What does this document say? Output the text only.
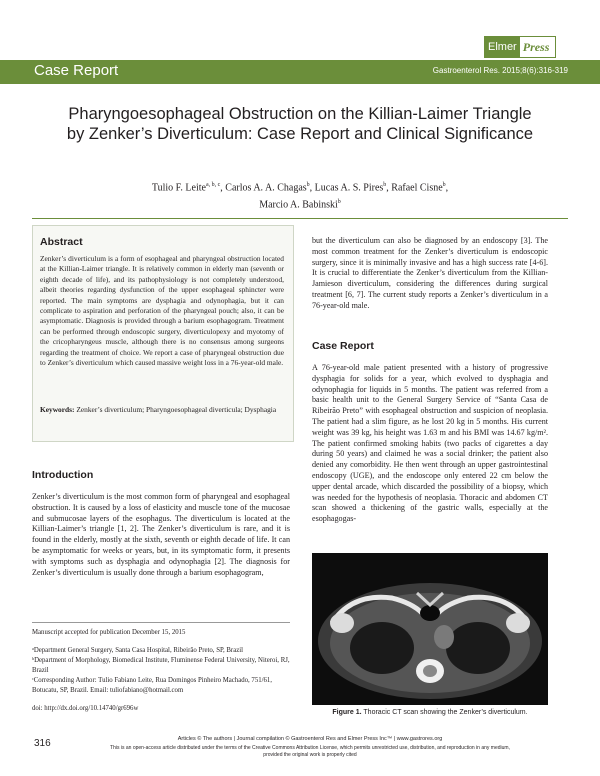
Elmer Press
Case Report	Gastroenterol Res. 2015;8(6):316-319
Pharyngoesophageal Obstruction on the Killian-Laimer Triangle by Zenker’s Diverticulum: Case Report and Clinical Significance
Tulio F. Leite$^{a, b, c}$, Carlos A. A. Chagas$^b$, Lucas A. S. Pires$^b$, Rafael Cisne$^b$,
Marcio A. Babinski$^b$
Abstract
Zenker’s diverticulum is a form of esophageal and pharyngeal obstruction located at the Killian-Laimer triangle. It is relatively common in elderly man (seventh or eighth decade of life), and its pathophysiology is not completely understood, albeit theories regarding dysfunction of the upper esophageal sphincter were reported. The main symptoms are dysphagia and odynophagia, but it can complicate to aspiration and perforation of the pharyngeal pouch; also, it can be asymptomatic. Diagnosis is provided through a barium esophagogram. Treatment can be performed through endoscopic surgery, diverticulopexy and myotomy of the cricopharyngeus muscle, although there is no consensus among surgeons regarding the treatment of choice. We report a case of pharyngeal obstruction due to Zenker’s diverticulum which caused massive weight loss in a 76-year-old male.
Keywords: Zenker’s diverticulum; Pharyngoesophageal diverticula; Dysphagia
Introduction
Zenker’s diverticulum is the most common form of pharyngeal and esophageal obstruction. It is caused by a loss of elasticity and muscle tone of the mucosae and submucosae layers of the esophagus. The diverticulum is located at the Killian-Laimer’s triangle [1, 2]. The Zenker’s diverticulum is rare, and it is found in the elderly, mostly at the sixth, seventh or eighth decade of life. It can be asymptomatic for weeks or years, but, in its symptomatic form, it presents with symptoms such as dysphagia and odynophagia [2]. The diagnosis for Zenker’s diverticulum is usually done through a barium esophagogram,
Manuscript accepted for publication December 15, 2015
ᵃDepartment General Surgery, Santa Casa Hospital, Ribeirão Preto, SP, Brazil
ᵇDepartment of Morphology, Biomedical Institute, Fluminense Federal University, Niteroi, RJ, Brazil
ᶜCorresponding Author: Tulio Fabiano Leite, Rua Domingos Pinheiro Machado, 751/61, Botucatu, SP, Brazil. Email: tuliofabiano@hotmail.com
doi: http://dx.doi.org/10.14740/gr696w
but the diverticulum can also be diagnosed by an endoscopy [3]. The most common treatment for the Zenker’s diverticulum is endoscopic surgery, since it is minimally invasive and has a high success rate [4-6]. It is crucial to differentiate the Zenker’s diverticulum from the Killian-Jamieson diverticulum, considering the differences during surgical treatment [6, 7]. The current study reports a Zenker’s diverticulum in a 76-year-old male.
Case Report
A 76-year-old male patient presented with a history of progressive dysphagia for solids for a year, which evolved to dysphagia and odynophagia for liquids in 5 months. The patient was referred from a basic health unit to the General Surgery Service of “Santa Casa de Ribeirão Preto” with esophageal obstruction and suspicion of neoplasia. The patient had a slim figure, as he lost 20 kg in 5 months. His current weight was 39 kg, his height was 1.63 m and his BMI was 14.67 kg/m². The patient confirmed smoking habits (two packs of cigarettes a day during 50 years) and claimed he was a social drinker; the patient also denied any comorbidity. He then went through an upper gastrointestinal endoscopy (UGE), and the endoscope only entered 22 cm below the upper dental arcade, which discarded the possibility of a biopsy, which was needed for the hypothesis of neoplasia. Thoracic and abdomen CT scan showed a thickening of the gastric walls, especially at the esophagogas-
Figure 1. Thoracic CT scan showing the Zenker’s diverticulum.
316	Articles © The authors | Journal compilation © Gastroenterol Res and Elmer Press Inc™ | www.gastrores.org
This is an open-access article distributed under the terms of the Creative Commons Attribution License, which permits unrestricted use, distribution, and reproduction in any medium, provided the original work is properly cited
